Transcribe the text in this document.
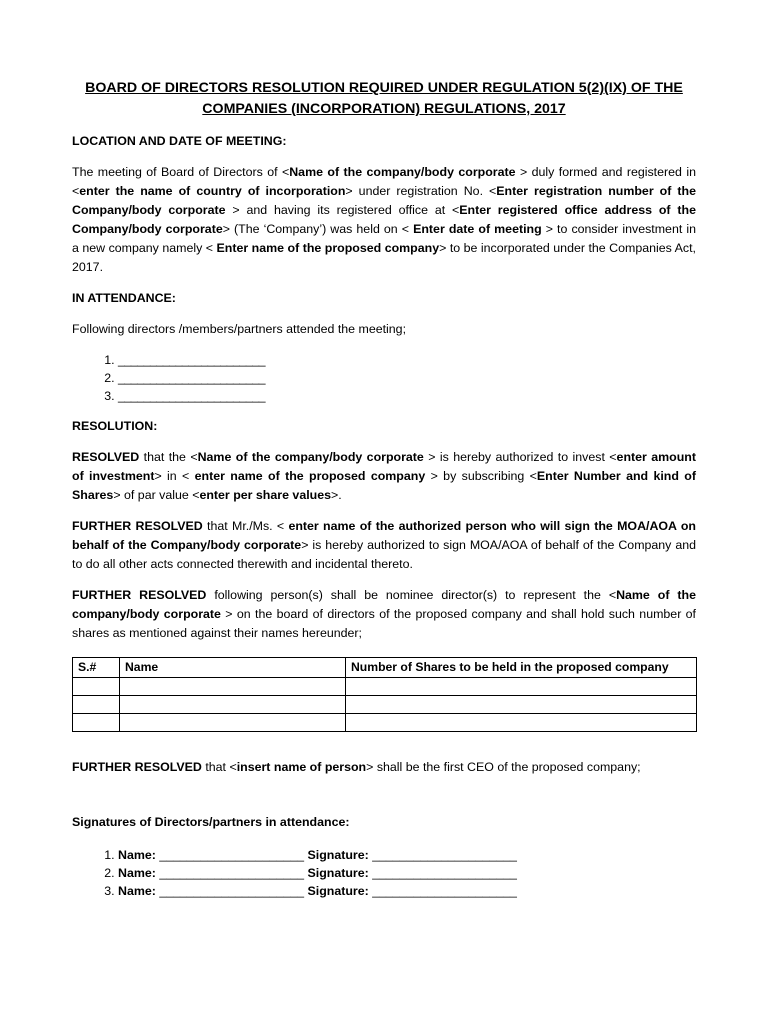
BOARD OF DIRECTORS RESOLUTION REQUIRED UNDER REGULATION 5(2)(IX) OF THE
COMPANIES (INCORPORATION) REGULATIONS, 2017
LOCATION AND DATE OF MEETING:

The meeting of Board of Directors of <Name of the company/body corporate > duly formed and registered in <enter the name of country of incorporation> under registration No. <Enter registration number of the Company/body corporate > and having its registered office at <Enter registered office address of the Company/body corporate> (The ‘Company’) was held on < Enter date of meeting > to consider investment in a new company namely < Enter name of the proposed company> to be incorporated under the Companies Act, 2017.

IN ATTENDANCE:

Following directors /members/partners attended the meeting;

1. _______________________
2. _______________________
3. _______________________
RESOLUTION:

RESOLVED that the <Name of the company/body corporate > is hereby authorized to invest <enter amount of investment> in < enter name of the proposed company > by subscribing <Enter Number and kind of Shares> of par value <enter per share values>.

FURTHER RESOLVED that Mr./Ms. < enter name of the authorized person who will sign the MOA/AOA on behalf of the Company/body corporate> is hereby authorized to sign MOA/AOA of behalf of the Company and to do all other acts connected therewith and incidental thereto.

FURTHER RESOLVED following person(s) shall be nominee director(s) to represent the <Name of the company/body corporate > on the board of directors of the proposed company and shall hold such number of shares as mentioned against their names hereunder;

S.#	Name	Number of Shares to be held in the proposed company

FURTHER RESOLVED that <insert name of person> shall be the first CEO of the proposed company;

Signatures of Directors/partners in attendance:
1. Name: _____________________ Signature: _____________________
2. Name: _____________________ Signature: _____________________
3. Name: _____________________ Signature: _____________________
